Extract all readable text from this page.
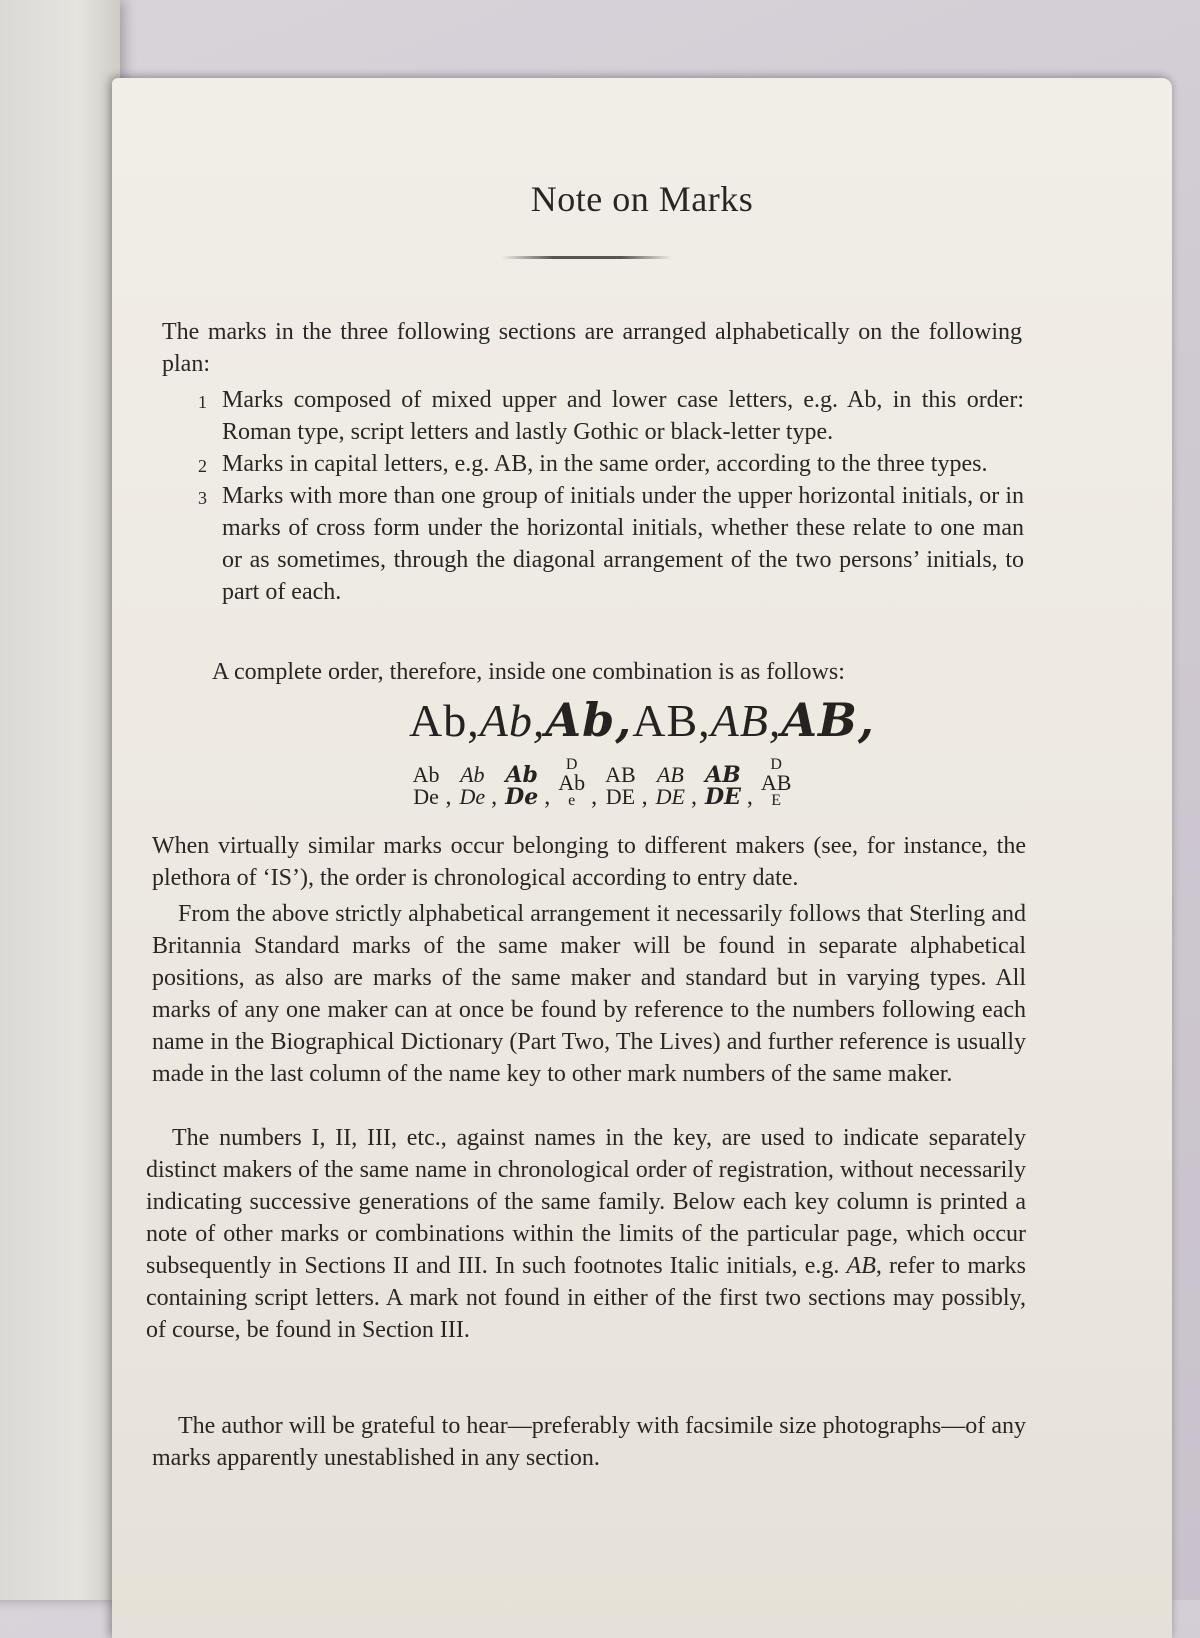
Note on Marks
The marks in the three following sections are arranged alphabetically on the following plan:
1 Marks composed of mixed upper and lower case letters, e.g. Ab, in this order: Roman type, script letters and lastly Gothic or black-letter type.
2 Marks in capital letters, e.g. AB, in the same order, according to the three types.
3 Marks with more than one group of initials under the upper horizontal initials, or in marks of cross form under the horizontal initials, whether these relate to one man or as sometimes, through the diagonal arrangement of the two persons’ initials, to part of each.
A complete order, therefore, inside one combination is as follows:
Ab,Ab,Ab,AB,AB,AB,
Ab
De ,
Ab
De ,
Ab
De ,
D
Ab
e ,
AB
DE ,
AB
DE ,
AB
DE ,
D
AB
E
When virtually similar marks occur belonging to different makers (see, for instance, the plethora of ‘IS’), the order is chronological according to entry date.
From the above strictly alphabetical arrangement it necessarily follows that Sterling and Britannia Standard marks of the same maker will be found in separate alphabetical positions, as also are marks of the same maker and standard but in varying types. All marks of any one maker can at once be found by reference to the numbers following each name in the Biographical Dictionary (Part Two, The Lives) and further reference is usually made in the last column of the name key to other mark numbers of the same maker.
The numbers I, II, III, etc., against names in the key, are used to indicate separately distinct makers of the same name in chronological order of registration, without necessarily indicating successive generations of the same family. Below each key column is printed a note of other marks or combinations within the limits of the particular page, which occur subsequently in Sections II and III. In such footnotes Italic initials, e.g. AB, refer to marks containing script letters. A mark not found in either of the first two sections may possibly, of course, be found in Section III.
The author will be grateful to hear—preferably with facsimile size photographs—of any marks apparently unestablished in any section.
